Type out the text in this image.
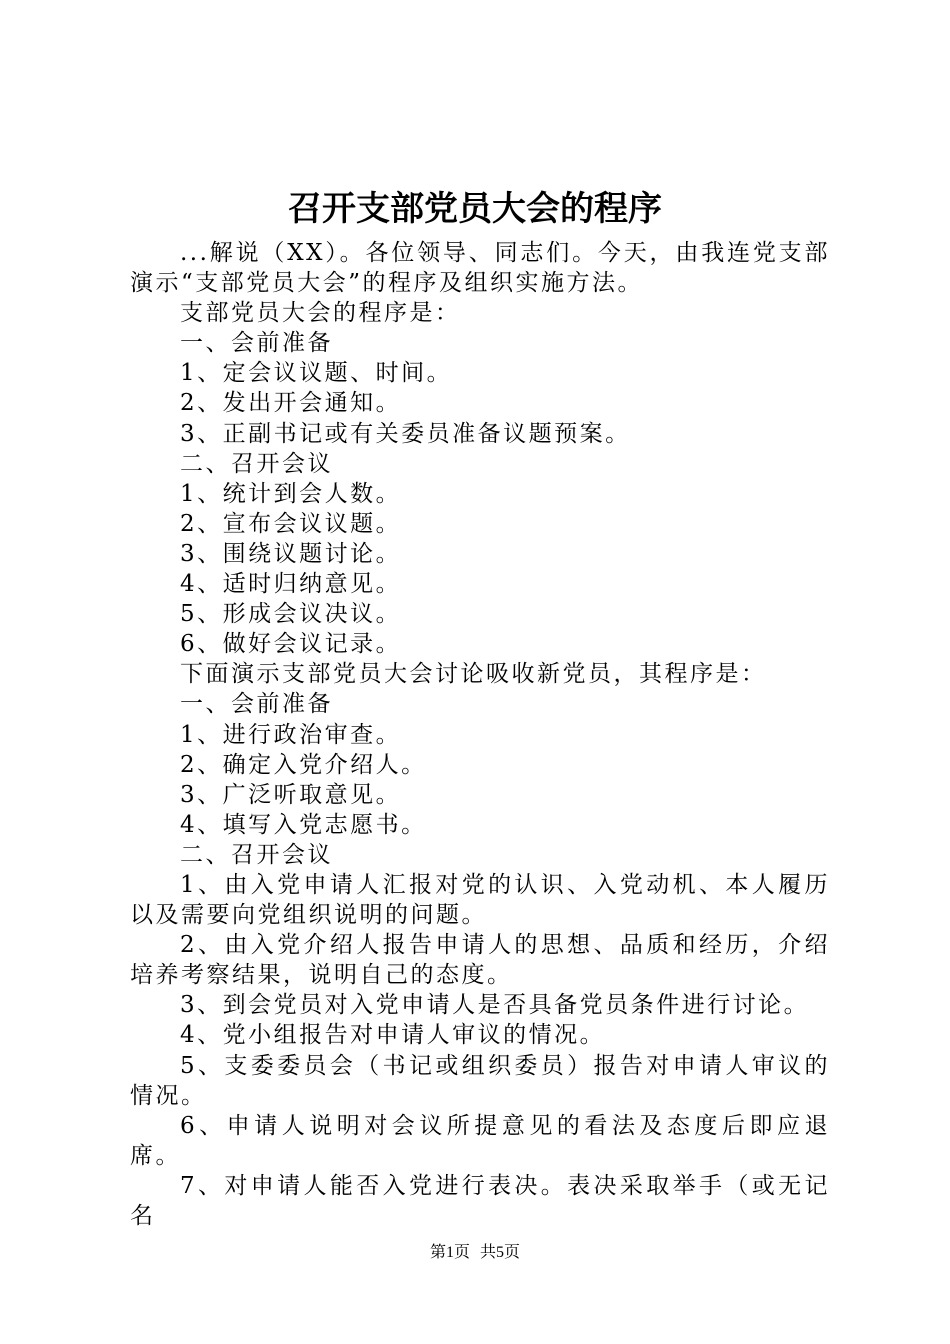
召开支部党员大会的程序

...解说（XX）。各位领导、同志们。今天，由我连党支部演示“支部党员大会”的程序及组织实施方法。

支部党员大会的程序是：

一、会前准备

1、定会议议题、时间。

2、发出开会通知。

3、正副书记或有关委员准备议题预案。

二、召开会议

1、统计到会人数。

2、宣布会议议题。

3、围绕议题讨论。

4、适时归纳意见。

5、形成会议决议。

6、做好会议记录。

下面演示支部党员大会讨论吸收新党员，其程序是：

一、会前准备

1、进行政治审查。

2、确定入党介绍人。

3、广泛听取意见。

4、填写入党志愿书。

二、召开会议

1、由入党申请人汇报对党的认识、入党动机、本人履历以及需要向党组织说明的问题。

2、由入党介绍人报告申请人的思想、品质和经历，介绍培养考察结果，说明自己的态度。

3、到会党员对入党申请人是否具备党员条件进行讨论。

4、党小组报告对申请人审议的情况。

5、支委委员会（书记或组织委员）报告对申请人审议的情况。

6、申请人说明对会议所提意见的看法及态度后即应退席。

7、对申请人能否入党进行表决。表决采取举手（或无记名

第1页 共5页
